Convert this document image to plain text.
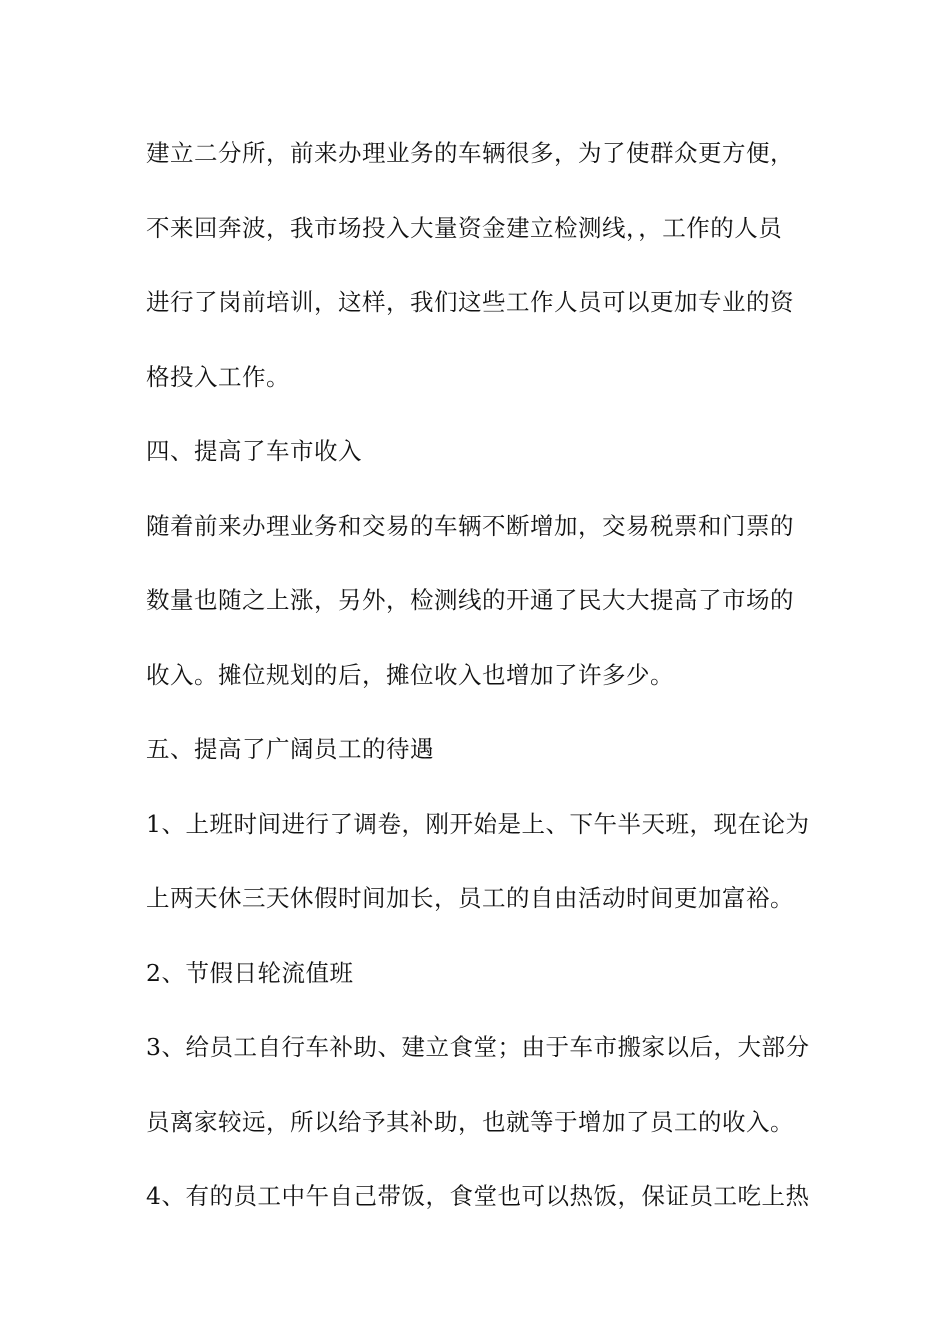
建立二分所，前来办理业务的车辆很多，为了使群众更方便，
不来回奔波，我市场投入大量资金建立检测线，，工作的人员
进行了岗前培训，这样，我们这些工作人员可以更加专业的资
格投入工作。
四、提高了车市收入
随着前来办理业务和交易的车辆不断增加，交易税票和门票的
数量也随之上涨，另外，检测线的开通了民大大提高了市场的
收入。摊位规划的后，摊位收入也增加了许多少。
五、提高了广阔员工的待遇
1、上班时间进行了调卷，刚开始是上、下午半天班，现在论为
上两天休三天休假时间加长，员工的自由活动时间更加富裕。
2、节假日轮流值班
3、给员工自行车补助、建立食堂；由于车市搬家以后，大部分
员离家较远，所以给予其补助，也就等于增加了员工的收入。
4、有的员工中午自己带饭，食堂也可以热饭，保证员工吃上热
